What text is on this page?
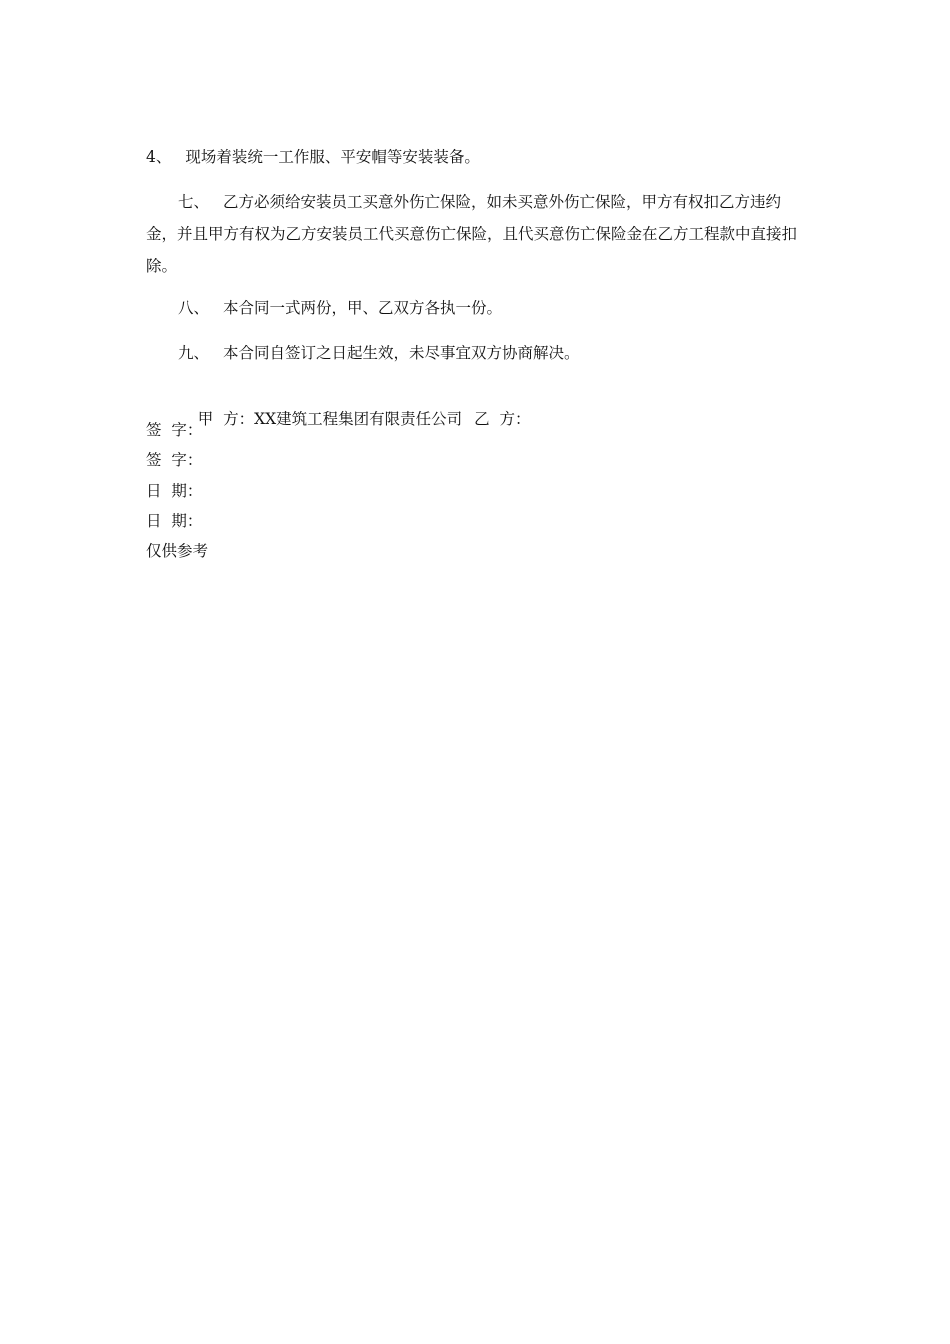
4、 现场着装统一工作服、平安帽等安装装备。
七、 乙方必须给安装员工买意外伤亡保险，如未买意外伤亡保险，甲方有权扣乙方违约金，并且甲方有权为乙方安装员工代买意伤亡保险，且代买意伤亡保险金在乙方工程款中直接扣除。
八、 本合同一式两份，甲、乙双方各执一份。
九、 本合同自签订之日起生效，未尽事宜双方协商解决。

甲  方：XX建筑工程集团有限责任公司 乙  方：

签  字：
签  字：
日  期：
日  期：
仅供参考
